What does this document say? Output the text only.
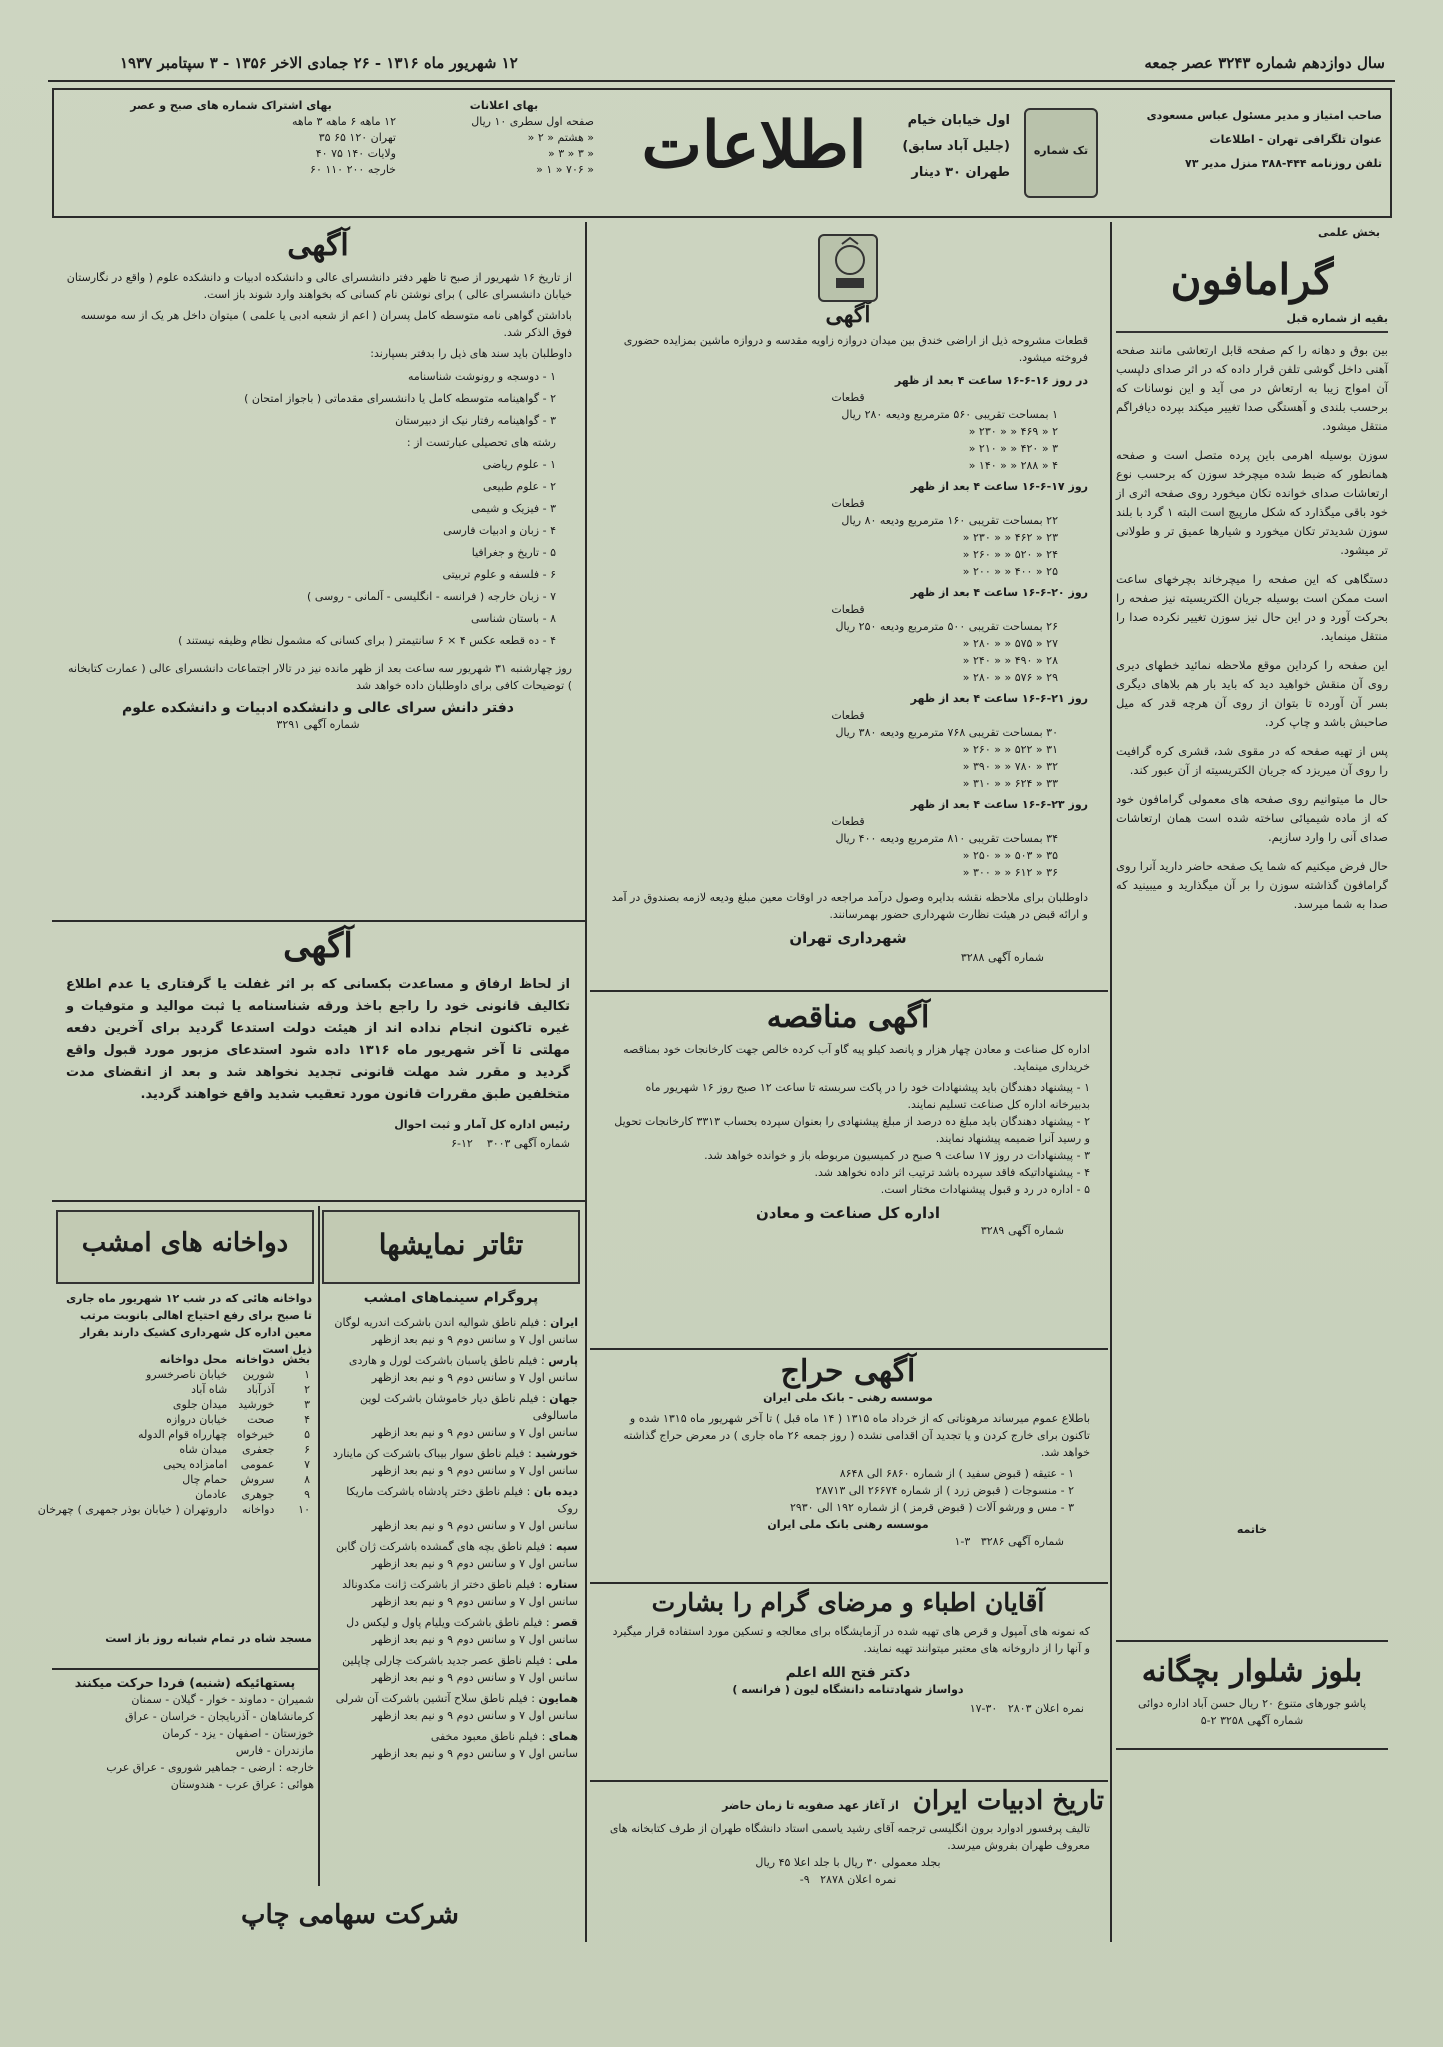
سال دوازدهم شماره ۳۲۴۳ عصر جمعه
۱۲ شهریور ماه ۱۳۱۶ - ۲۶ جمادی الاخر ۱۳۵۶ - ۳ سپتامبر ۱۹۳۷
صاحب امتیاز و مدیر مسئول عباس مسعودی
عنوان تلگرافی تهران - اطلاعات
تلفن روزنامه ۴۴۴-۳۸۸ منزل مدیر ۷۳
تک شماره
اول خیابان خیام
(جلیل آباد سابق)
طهران ۳۰ دینار
اطلاعات
بهای اعلانات
صفحه اول سطری ۱۰ ریال
« هشتم « ۲ «
« ۳ « ۳ «
« ۷۰۶ « ۱ «
بهای اشتراک شماره های صبح و عصر
۱۲ ماهه ۶ ماهه ۳ ماهه
تهران ۱۲۰ ۶۵ ۳۵
ولایات ۱۴۰ ۷۵ ۴۰
خارجه ۲۰۰ ۱۱۰ ۶۰
بخش علمی
گرامافون
بقیه از شماره قبل

بین بوق و دهانه را کم صفحه قابل ارتعاشی مانند صفحه آهنی داخل گوشی تلفن قرار داده که در اثر صدای دلپسب آن امواج زیبا به ارتعاش در می آید و این نوسانات که برحسب بلندی و آهستگی صدا تغییر میکند بپرده دیافراگم منتقل میشود.

سوزن بوسیله اهرمی باین پرده متصل است و صفحه همانطور که ضبط شده میچرخد سوزن که برحسب نوع ارتعاشات صدای خوانده تکان میخورد روی صفحه اثری از خود باقی میگذارد که شکل مارپیچ است البته ۱ گرد با بلند سوزن شدیدتر تکان میخورد و شیارها عمیق تر و طولانی تر میشود.

دستگاهی که این صفحه را میچرخاند بچرخهای ساعت است ممکن است بوسیله جریان الکتریسیته نیز صفحه را بحرکت آورد و در این حال نیز سوزن تغییر نکرده صدا را منتقل مینماید.

این صفحه را کرداین موقع ملاحظه نمائید خطهای دیری روی آن منقش خواهید دید که باید بار هم بلاهای دیگری بسر آن آورده تا بتوان از روی آن هرچه قدر که میل صاحبش باشد و چاپ کرد.

پس از تهیه صفحه که در مقوی شد، قشری کره گرافیت را روی آن میریزد که جریان الکتریسیته از آن عبور کند.

حال ما میتوانیم روی صفحه های معمولی گرامافون خود که از ماده شیمیائی ساخته شده است همان ارتعاشات صدای آنی را وارد سازیم.

حال فرض میکنیم که شما یک صفحه حاضر دارید آنرا روی گرامافون گذاشته سوزن را بر آن میگذارید و میبینید که صدا به شما میرسد.

خاتمه
بلوز شلوار بچگانه
پاشو جورهای متنوع ۲۰ ریال حسن آباد اداره دوائی
شماره آگهی ۳۲۵۸ ۲-۵
آگهی
قطعات مشروحه ذیل از اراضی خندق بین میدان دروازه زاویه مقدسه و دروازه ماشین بمزایده حضوری فروخته میشود.
در روز ۱۶-۶-۱۶ ساعت ۴ بعد از ظهر
قطعات
۱ بمساحت تقریبی ۵۶۰ مترمربع ودیعه ۲۸۰ ریال
۲ « ۴۶۹ « « ۲۳۰ «
۳ « ۴۲۰ « « ۲۱۰ «
۴ « ۲۸۸ « « ۱۴۰ «
روز ۱۷-۶-۱۶ ساعت ۴ بعد از ظهر
قطعات
۲۲ بمساحت تقریبی ۱۶۰ مترمربع ودیعه ۸۰ ریال
۲۳ « ۴۶۲ « « ۲۳۰ «
۲۴ « ۵۲۰ « « ۲۶۰ «
۲۵ « ۴۰۰ « « ۲۰۰ «
روز ۲۰-۶-۱۶ ساعت ۴ بعد از ظهر
قطعات
۲۶ بمساحت تقریبی ۵۰۰ مترمربع ودیعه ۲۵۰ ریال
۲۷ « ۵۷۵ « « ۲۸۰ «
۲۸ « ۴۹۰ « « ۲۴۰ «
۲۹ « ۵۷۶ « « ۲۸۰ «
روز ۲۱-۶-۱۶ ساعت ۴ بعد از ظهر
قطعات
۳۰ بمساحت تقریبی ۷۶۸ مترمربع ودیعه ۳۸۰ ریال
۳۱ « ۵۲۲ « « ۲۶۰ «
۳۲ « ۷۸۰ « « ۳۹۰ «
۳۳ « ۶۲۴ « « ۳۱۰ «
روز ۲۳-۶-۱۶ ساعت ۴ بعد از ظهر
قطعات
۳۴ بمساحت تقریبی ۸۱۰ مترمربع ودیعه ۴۰۰ ریال
۳۵ « ۵۰۳ « « ۲۵۰ «
۳۶ « ۶۱۲ « « ۳۰۰ «
داوطلبان برای ملاحظه نقشه بدایره وصول درآمد مراجعه در اوقات معین مبلغ ودیعه لازمه بصندوق در آمد و ارائه قبض در هیئت نظارت شهرداری حضور بهمرسانند.
شهرداری تهران
شماره آگهی ۳۲۸۸
آگهی مناقصه
اداره کل صناعت و معادن چهار هزار و پانصد کیلو پیه گاو آب کرده خالص جهت کارخانجات خود بمناقصه خریداری مینماید.
۱ - پیشنهاد دهندگان باید پیشنهادات خود را در پاکت سربسته تا ساعت ۱۲ صبح روز ۱۶ شهریور ماه بدبیرخانه اداره کل صناعت تسلیم نمایند.
۲ - پیشنهاد دهندگان باید مبلغ ده درصد از مبلغ پیشنهادی را بعنوان سپرده بحساب ۳۳۱۳ کارخانجات تحویل و رسید آنرا ضمیمه پیشنهاد نمایند.
۳ - پیشنهادات در روز ۱۷ ساعت ۹ صبح در کمیسیون مربوطه باز و خوانده خواهد شد.
۴ - پیشنهاداتیکه فاقد سپرده باشد ترتیب اثر داده نخواهد شد.
۵ - اداره در رد و قبول پیشنهادات مختار است.
اداره کل صناعت و معادن
شماره آگهی ۳۲۸۹
آگهی حراج
موسسه رهنی - بانک ملی ایران
باطلاع عموم میرساند مرهوناتی که از خرداد ماه ۱۳۱۵ ( ۱۴ ماه قبل ) تا آخر شهریور ماه ۱۳۱۵ شده و تاکنون برای خارج کردن و یا تجدید آن اقدامی نشده ( روز جمعه ۲۶ ماه جاری ) در معرض حراج گذاشته خواهد شد.
۱ - عتیقه ( قبوض سفید ) از شماره ۶۸۶۰ الی ۸۶۴۸
۲ - منسوجات ( قبوض زرد ) از شماره ۲۶۶۷۴ الی ۲۸۷۱۳
۳ - مس و ورشو آلات ( قبوض قرمز ) از شماره ۱۹۲ الی ۲۹۳۰
موسسه رهنی بانک ملی ایران
شماره آگهی ۳۲۸۶   ۳-۱
آقایان اطباء و مرضای گرام را بشارت
که نمونه های آمپول و قرص های تهیه شده در آزمایشگاه برای معالجه و تسکین مورد استفاده قرار میگیرد و آنها را از داروخانه های معتبر میتوانند تهیه نمایند.
دکتر فتح الله اعلم
دواساز شهادتنامه دانشگاه لیون ( فرانسه )
نمره اعلان ۲۸۰۳   ۳۰-۱۷
تاریخ ادبیات ایران
از آغاز عهد صفویه تا زمان حاضر
تالیف پرفسور ادوارد برون انگلیسی ترجمه آقای رشید یاسمی استاد دانشگاه طهران از طرف کتابخانه های معروف طهران بفروش میرسد.
بجلد معمولی ۳۰ ریال با جلد اعلا ۴۵ ریال
نمره اعلان ۲۸۷۸   ۹-
آگهی
از تاریخ ۱۶ شهریور از صبح تا ظهر دفتر دانشسرای عالی و دانشکده ادبیات و دانشکده علوم ( واقع در نگارستان خیابان دانشسرای عالی ) برای نوشتن نام کسانی که بخواهند وارد شوند باز است.
باداشتن گواهی نامه متوسطه کامل پسران ( اعم از شعبه ادبی یا علمی ) میتوان داخل هر یک از سه موسسه فوق الذکر شد.
داوطلبان باید سند های ذیل را بدفتر بسپارند:
۱ - دوسجه و رونوشت شناسنامه
۲ - گواهینامه متوسطه کامل یا دانشسرای مقدماتی ( باجواز امتحان )
۳ - گواهینامه رفتار نیک از دبیرستان
رشته های تحصیلی عبارتست از :
۱ - علوم ریاضی
۲ - علوم طبیعی
۳ - فیزیک و شیمی
۴ - زبان و ادبیات فارسی
۵ - تاریخ و جغرافیا
۶ - فلسفه و علوم تربیتی
۷ - زبان خارجه ( فرانسه - انگلیسی - آلمانی - روسی )
۸ - باستان شناسی
۴ - ده قطعه عکس ۴ × ۶ سانتیمتر ( برای کسانی که مشمول نظام وظیفه نیستند )
روز چهارشنبه ۳۱ شهریور سه ساعت بعد از ظهر مانده نیز در تالار اجتماعات دانشسرای عالی ( عمارت کتابخانه ) توضیحات کافی برای داوطلبان داده خواهد شد
دفتر دانش سرای عالی و دانشکده ادبیات و دانشکده علوم
شماره آگهی ۳۲۹۱
آگهی
از لحاظ ارفاق و مساعدت بکسانی که بر اثر غفلت یا گرفتاری یا عدم اطلاع تکالیف قانونی خود را راجع باخذ ورقه شناسنامه یا ثبت موالید و متوفیات و غیره تاکنون انجام نداده اند از هیئت دولت استدعا گردید برای آخرین دفعه مهلتی تا آخر شهریور ماه ۱۳۱۶ داده شود استدعای مزبور مورد قبول واقع گردید و مقرر شد مهلت قانونی تجدید نخواهد شد و بعد از انقضای مدت متخلفین طبق مقررات قانون مورد تعقیب شدید واقع خواهند گردید.
رئیس اداره کل آمار و ثبت احوال
شماره آگهی ۳۰۰۳    ۱۲-۶
تئاتر نمایشها
پروگرام سینماهای امشب
ایران : فیلم ناطق شوالیه اندن باشرکت اندریه لوگان
سانس اول ۷ و سانس دوم ۹ و نیم بعد ازظهر
پارس : فیلم ناطق یاسبان باشرکت لورل و هاردی
سانس اول ۷ و سانس دوم ۹ و نیم بعد ازظهر
جهان : فیلم ناطق دیار خاموشان باشرکت لوین ماسالوفی
سانس اول ۷ و سانس دوم ۹ و نیم بعد ازظهر
خورشید : فیلم ناطق سوار بیباک باشرکت کن ماینارد
سانس اول ۷ و سانس دوم ۹ و نیم بعد ازظهر
دیده بان : فیلم ناطق دختر پادشاه باشرکت ماریکا روک
سانس اول ۷ و سانس دوم ۹ و نیم بعد ازظهر
سپه : فیلم ناطق بچه های گمشده باشرکت ژان گابن
سانس اول ۷ و سانس دوم ۹ و نیم بعد ازظهر
ستاره : فیلم ناطق دختر از باشرکت ژانت مکدونالد
سانس اول ۷ و سانس دوم ۹ و نیم بعد ازظهر
قصر : فیلم ناطق باشرکت ویلیام پاول و لیکس دل
سانس اول ۷ و سانس دوم ۹ و نیم بعد ازظهر
ملی : فیلم ناطق عصر جدید باشرکت چارلی چاپلین
سانس اول ۷ و سانس دوم ۹ و نیم بعد ازظهر
همایون : فیلم ناطق سلاح آتشین باشرکت آن شرلی
سانس اول ۷ و سانس دوم ۹ و نیم بعد ازظهر
همای : فیلم ناطق معبود مخفی
سانس اول ۷ و سانس دوم ۹ و نیم بعد ازظهر
دواخانه های امشب
دواخانه هائی که در شب ۱۲ شهریور ماه جاری تا صبح برای رفع احتیاج اهالی بانوبت مرتب معین اداره کل شهرداری کشیک دارند بقرار ذیل است
بخش	دواخانه	محل دواخانه
۱	شورین	خیابان ناصرخسرو
۲	آذرآباد	شاه آباد
۳	خورشید	میدان جلوی
۴	صحت	خیابان دروازه
۵	خیرخواه	چهارراه قوام الدوله
۶	جعفری	میدان شاه
۷	عمومی	امامزاده یحیی
۸	سروش	حمام چال
۹	جوهری	عادمان
۱۰	دواخانه	داروتهران ( خیابان بوذر جمهری ) چهرخان
مسجد شاه در تمام شبانه روز باز است
پستهائیکه (شنبه) فردا حرکت میکنند
شمیران - دماوند - خوار - گیلان - سمنان
کرمانشاهان - آذربایجان - خراسان - عراق
خوزستان - اصفهان - یزد - کرمان
مازندران - فارس
خارجه : ارضی - جماهیر شوروی - عراق عرب
هوائی : عراق عرب - هندوستان
شرکت سهامی چاپ
